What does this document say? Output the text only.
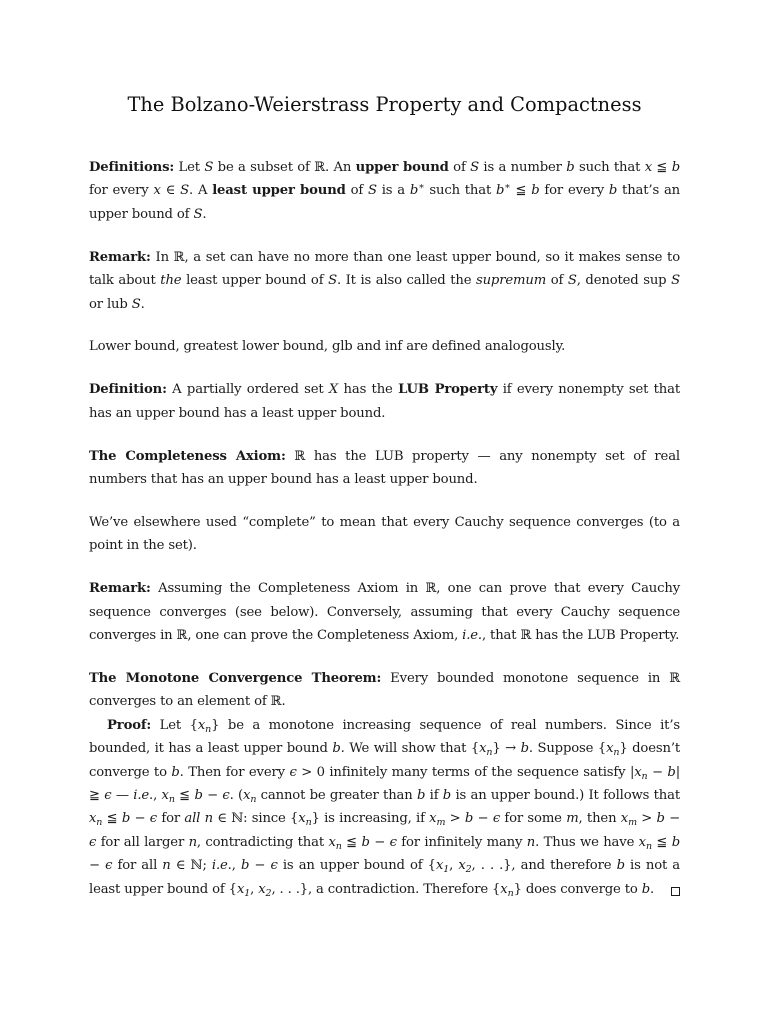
The Bolzano-Weierstrass Property and Compactness

Definitions: Let S be a subset of ℝ. An upper bound of S is a number b such that x ≦ b for every x ∈ S. A least upper bound of S is a b∗ such that b∗ ≦ b for every b that’s an upper bound of S.

Remark: In ℝ, a set can have no more than one least upper bound, so it makes sense to talk about the least upper bound of S. It is also called the supremum of S, denoted sup S or lub S.

Lower bound, greatest lower bound, glb and inf are defined analogously.

Definition: A partially ordered set X has the LUB Property if every nonempty set that has an upper bound has a least upper bound.

The Completeness Axiom: ℝ has the LUB property — any nonempty set of real numbers that has an upper bound has a least upper bound.

We’ve elsewhere used “complete” to mean that every Cauchy sequence converges (to a point in the set).

Remark: Assuming the Completeness Axiom in ℝ, one can prove that every Cauchy sequence converges (see below). Conversely, assuming that every Cauchy sequence converges in ℝ, one can prove the Completeness Axiom, i.e., that ℝ has the LUB Property.

The Monotone Convergence Theorem: Every bounded monotone sequence in ℝ converges to an element of ℝ.

Proof: Let $\{x_n\}$ be a monotone increasing sequence of real numbers. Since it’s bounded, it has a least upper bound b. We will show that $\{x_n\} \to b$. Suppose $\{x_n\}$ doesn’t converge to b. Then for every ϵ > 0 infinitely many terms of the sequence satisfy $|x_n - b|$ ≧ ϵ — i.e., $x_n$ ≦ b − ϵ. ($x_n$ cannot be greater than b if b is an upper bound.) It follows that $x_n$ ≦ b − ϵ for all n ∈ ℕ: since $\{x_n\}$ is increasing, if $x_m > b - \epsilon$ for some m, then $x_m > b - \epsilon$ for all larger n, contradicting that $x_n$ ≦ b − ϵ for infinitely many n. Thus we have $x_n$ ≦ b − ϵ for all n ∈ ℕ; i.e., b − ϵ is an upper bound of {$x_1$, $x_2$, . . .}, and therefore b is not a least upper bound of {$x_1$, $x_2$, . . .}, a contradiction. Therefore $\{x_n\}$ does converge to b.
